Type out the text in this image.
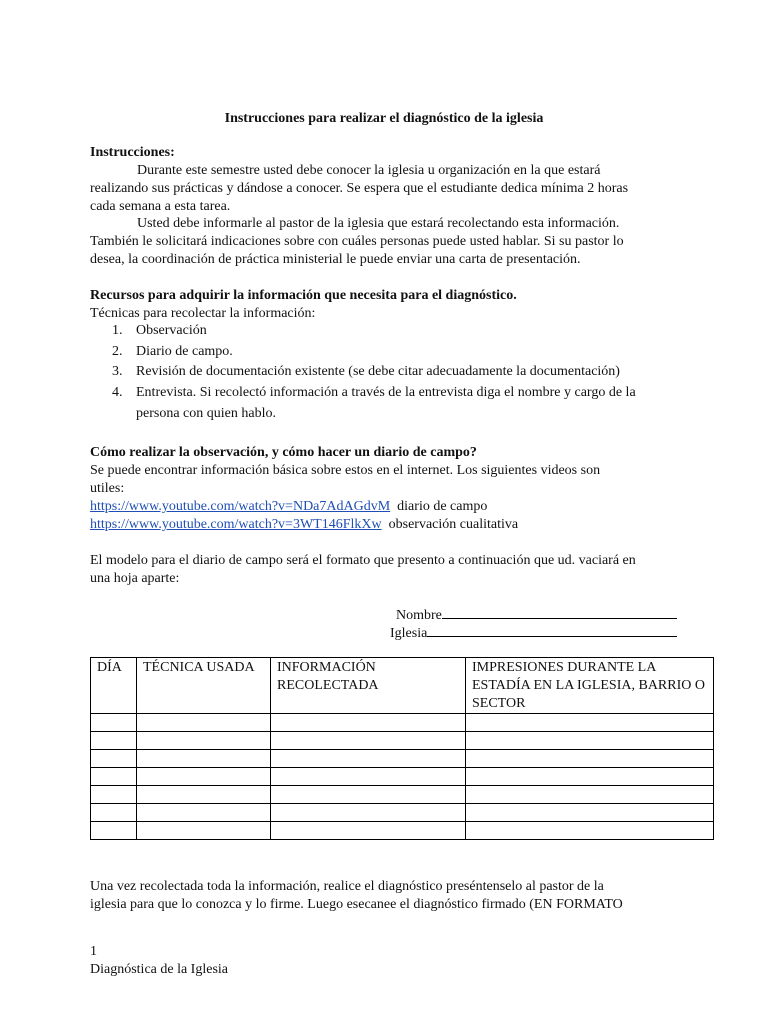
Instrucciones para realizar el diagnóstico de la iglesia
Instrucciones:
Durante este semestre usted debe conocer la iglesia u organización en la que estará
realizando sus prácticas y dándose a conocer. Se espera que el estudiante dedica mínima 2 horas
cada semana a esta tarea.
Usted debe informarle al pastor de la iglesia que estará recolectando esta información.
También le solicitará indicaciones sobre con cuáles personas puede usted hablar. Si su pastor lo
desea, la coordinación de práctica ministerial le puede enviar una carta de presentación.
Recursos para adquirir la información que necesita para el diagnóstico.
Técnicas para recolectar la información:
1. Observación
2. Diario de campo.
3. Revisión de documentación existente (se debe citar adecuadamente la documentación)
4. Entrevista. Si recolectó información a través de la entrevista diga el nombre y cargo de la
persona con quien hablo.
Cómo realizar la observación, y cómo hacer un diario de campo?
Se puede encontrar información básica sobre estos en el internet. Los siguientes videos son
utiles:
https://www.youtube.com/watch?v=NDa7AdAGdvM diario de campo
https://www.youtube.com/watch?v=3WT146FlkXw observación cualitativa
El modelo para el diario de campo será el formato que presento a continuación que ud. vaciará en
una hoja aparte:
Nombre
Iglesia
DÍA	TÉCNICA USADA	INFORMACIÓN RECOLECTADA	IMPRESIONES DURANTE LA ESTADÍA EN LA IGLESIA, BARRIO O SECTOR

Una vez recolectada toda la información, realice el diagnóstico preséntenselo al pastor de la
iglesia para que lo conozca y lo firme. Luego esecanee el diagnóstico firmado (EN FORMATO
1
Diagnóstica de la Iglesia
